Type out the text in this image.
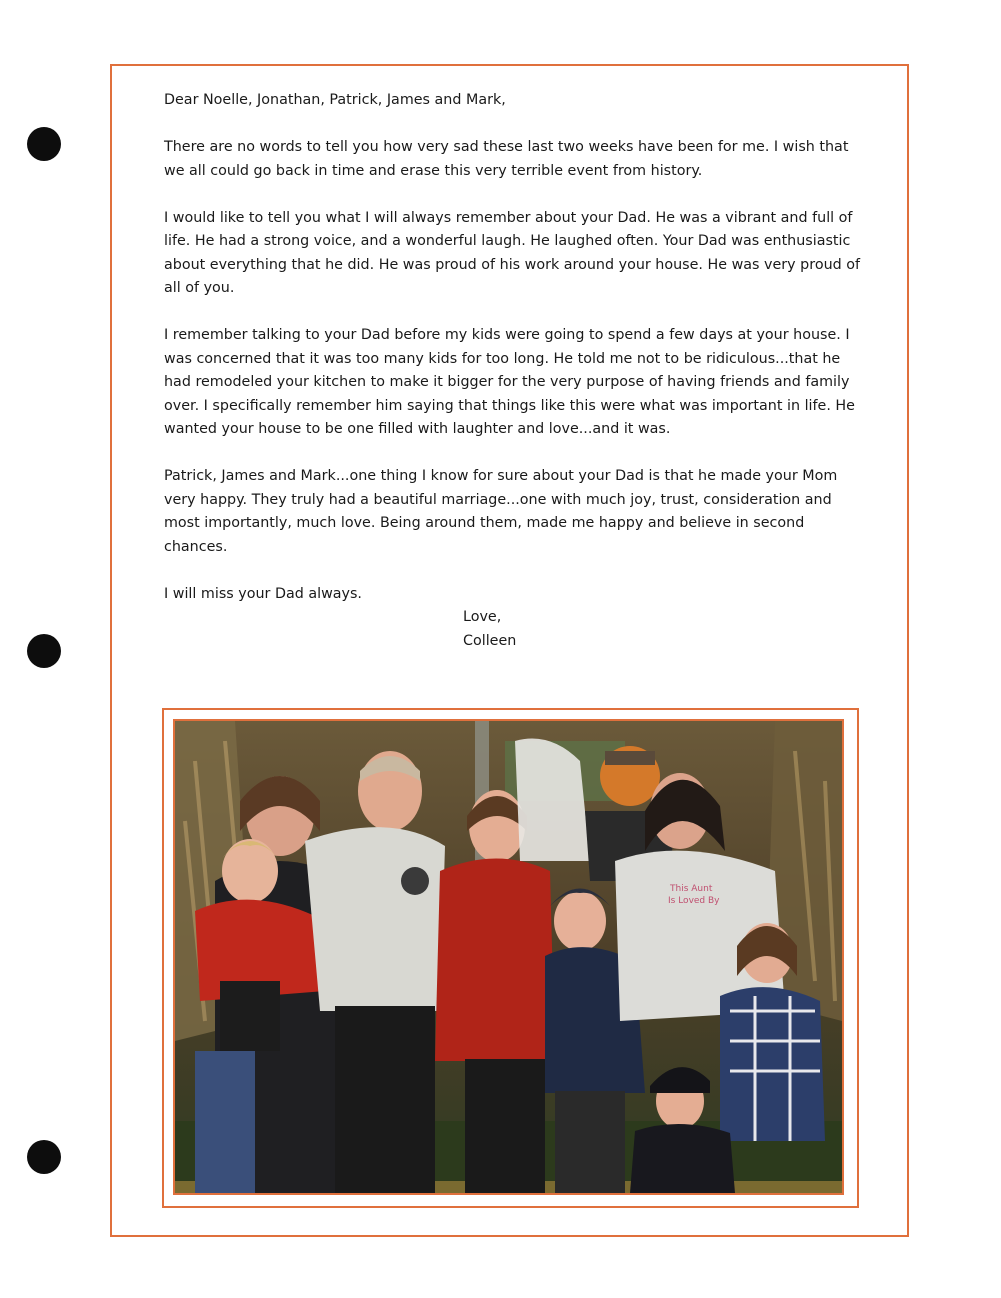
Dear Noelle, Jonathan, Patrick, James and Mark,

There are no words to tell you how very sad these last two weeks have been for me. I wish that we all could go back in time and erase this very terrible event from history.

I would like to tell you what I will always remember about your Dad. He was a vibrant and full of life. He had a strong voice, and a wonderful laugh. He laughed often. Your Dad was enthusiastic about everything that he did. He was proud of his work around your house. He was very proud of all of you.

I remember talking to your Dad before my kids were going to spend a few days at your house. I was concerned that it was too many kids for too long. He told me not to be ridiculous...that he had remodeled your kitchen to make it bigger for the very purpose of having friends and family over. I specifically remember him saying that things like this were what was important in life. He wanted your house to be one filled with laughter and love...and it was.

Patrick, James and Mark...one thing I know for sure about your Dad is that he made your Mom very happy. They truly had a beautiful marriage...one with much joy, trust, consideration and most importantly, much love. Being around them, made me happy and believe in second chances.

I will miss your Dad always.

Love,
Colleen
This Aunt
Is Loved By
